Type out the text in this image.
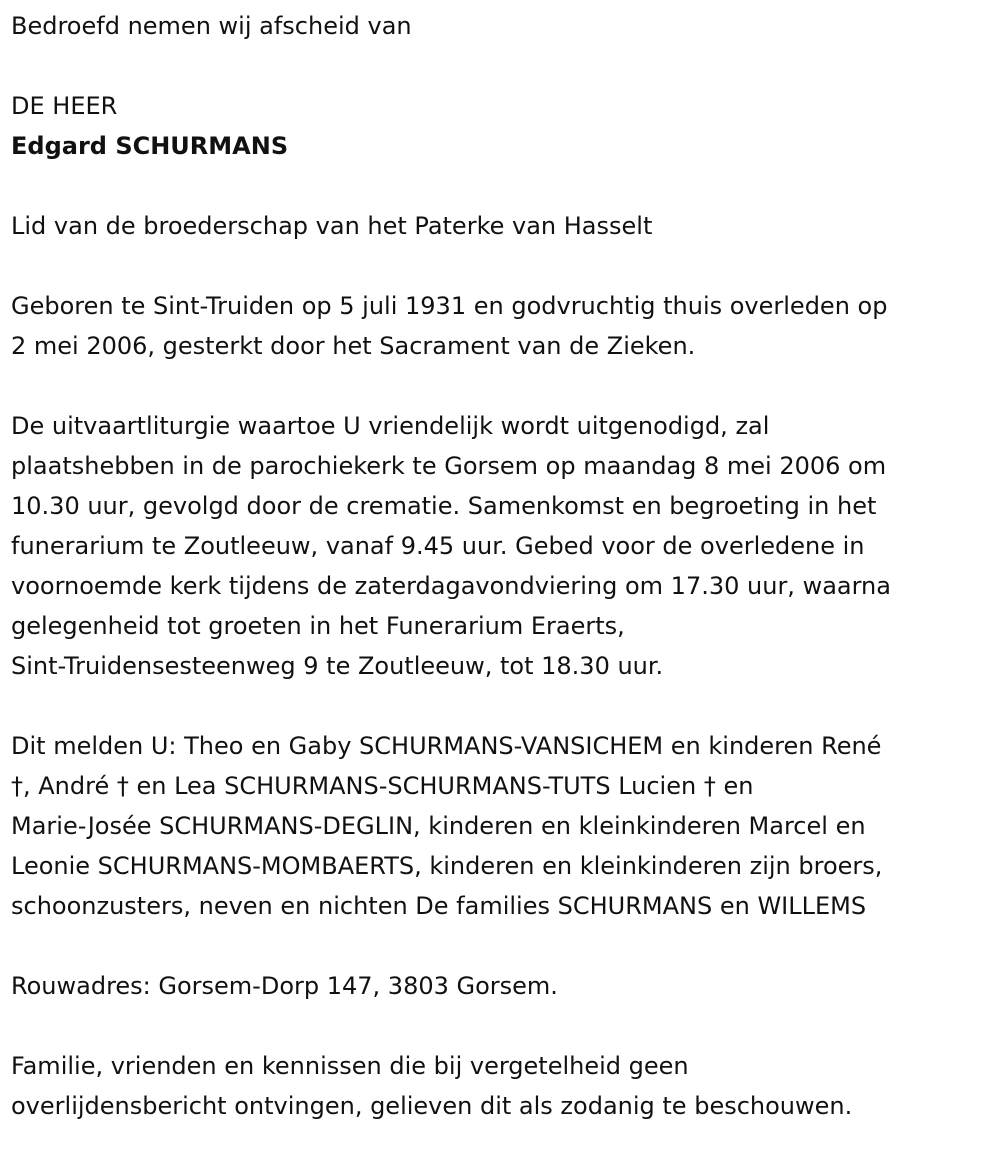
Bedroefd nemen wij afscheid van
DE HEER
Edgard SCHURMANS
Lid van de broederschap van het Paterke van Hasselt
Geboren te Sint-Truiden op 5 juli 1931 en godvruchtig thuis overleden op
2 mei 2006, gesterkt door het Sacrament van de Zieken.
De uitvaartliturgie waartoe U vriendelijk wordt uitgenodigd, zal
plaatshebben in de parochiekerk te Gorsem op maandag 8 mei 2006 om
10.30 uur, gevolgd door de crematie. Samenkomst en begroeting in het
funerarium te Zoutleeuw, vanaf 9.45 uur. Gebed voor de overledene in
voornoemde kerk tijdens de zaterdagavondviering om 17.30 uur, waarna
gelegenheid tot groeten in het Funerarium Eraerts,
Sint-Truidensesteenweg 9 te Zoutleeuw, tot 18.30 uur.
Dit melden U: Theo en Gaby SCHURMANS-VANSICHEM en kinderen René
†, André † en Lea SCHURMANS-SCHURMANS-TUTS Lucien † en
Marie-Josée SCHURMANS-DEGLIN, kinderen en kleinkinderen Marcel en
Leonie SCHURMANS-MOMBAERTS, kinderen en kleinkinderen zijn broers,
schoonzusters, neven en nichten De families SCHURMANS en WILLEMS
Rouwadres: Gorsem-Dorp 147, 3803 Gorsem.
Familie, vrienden en kennissen die bij vergetelheid geen
overlijdensbericht ontvingen, gelieven dit als zodanig te beschouwen.
